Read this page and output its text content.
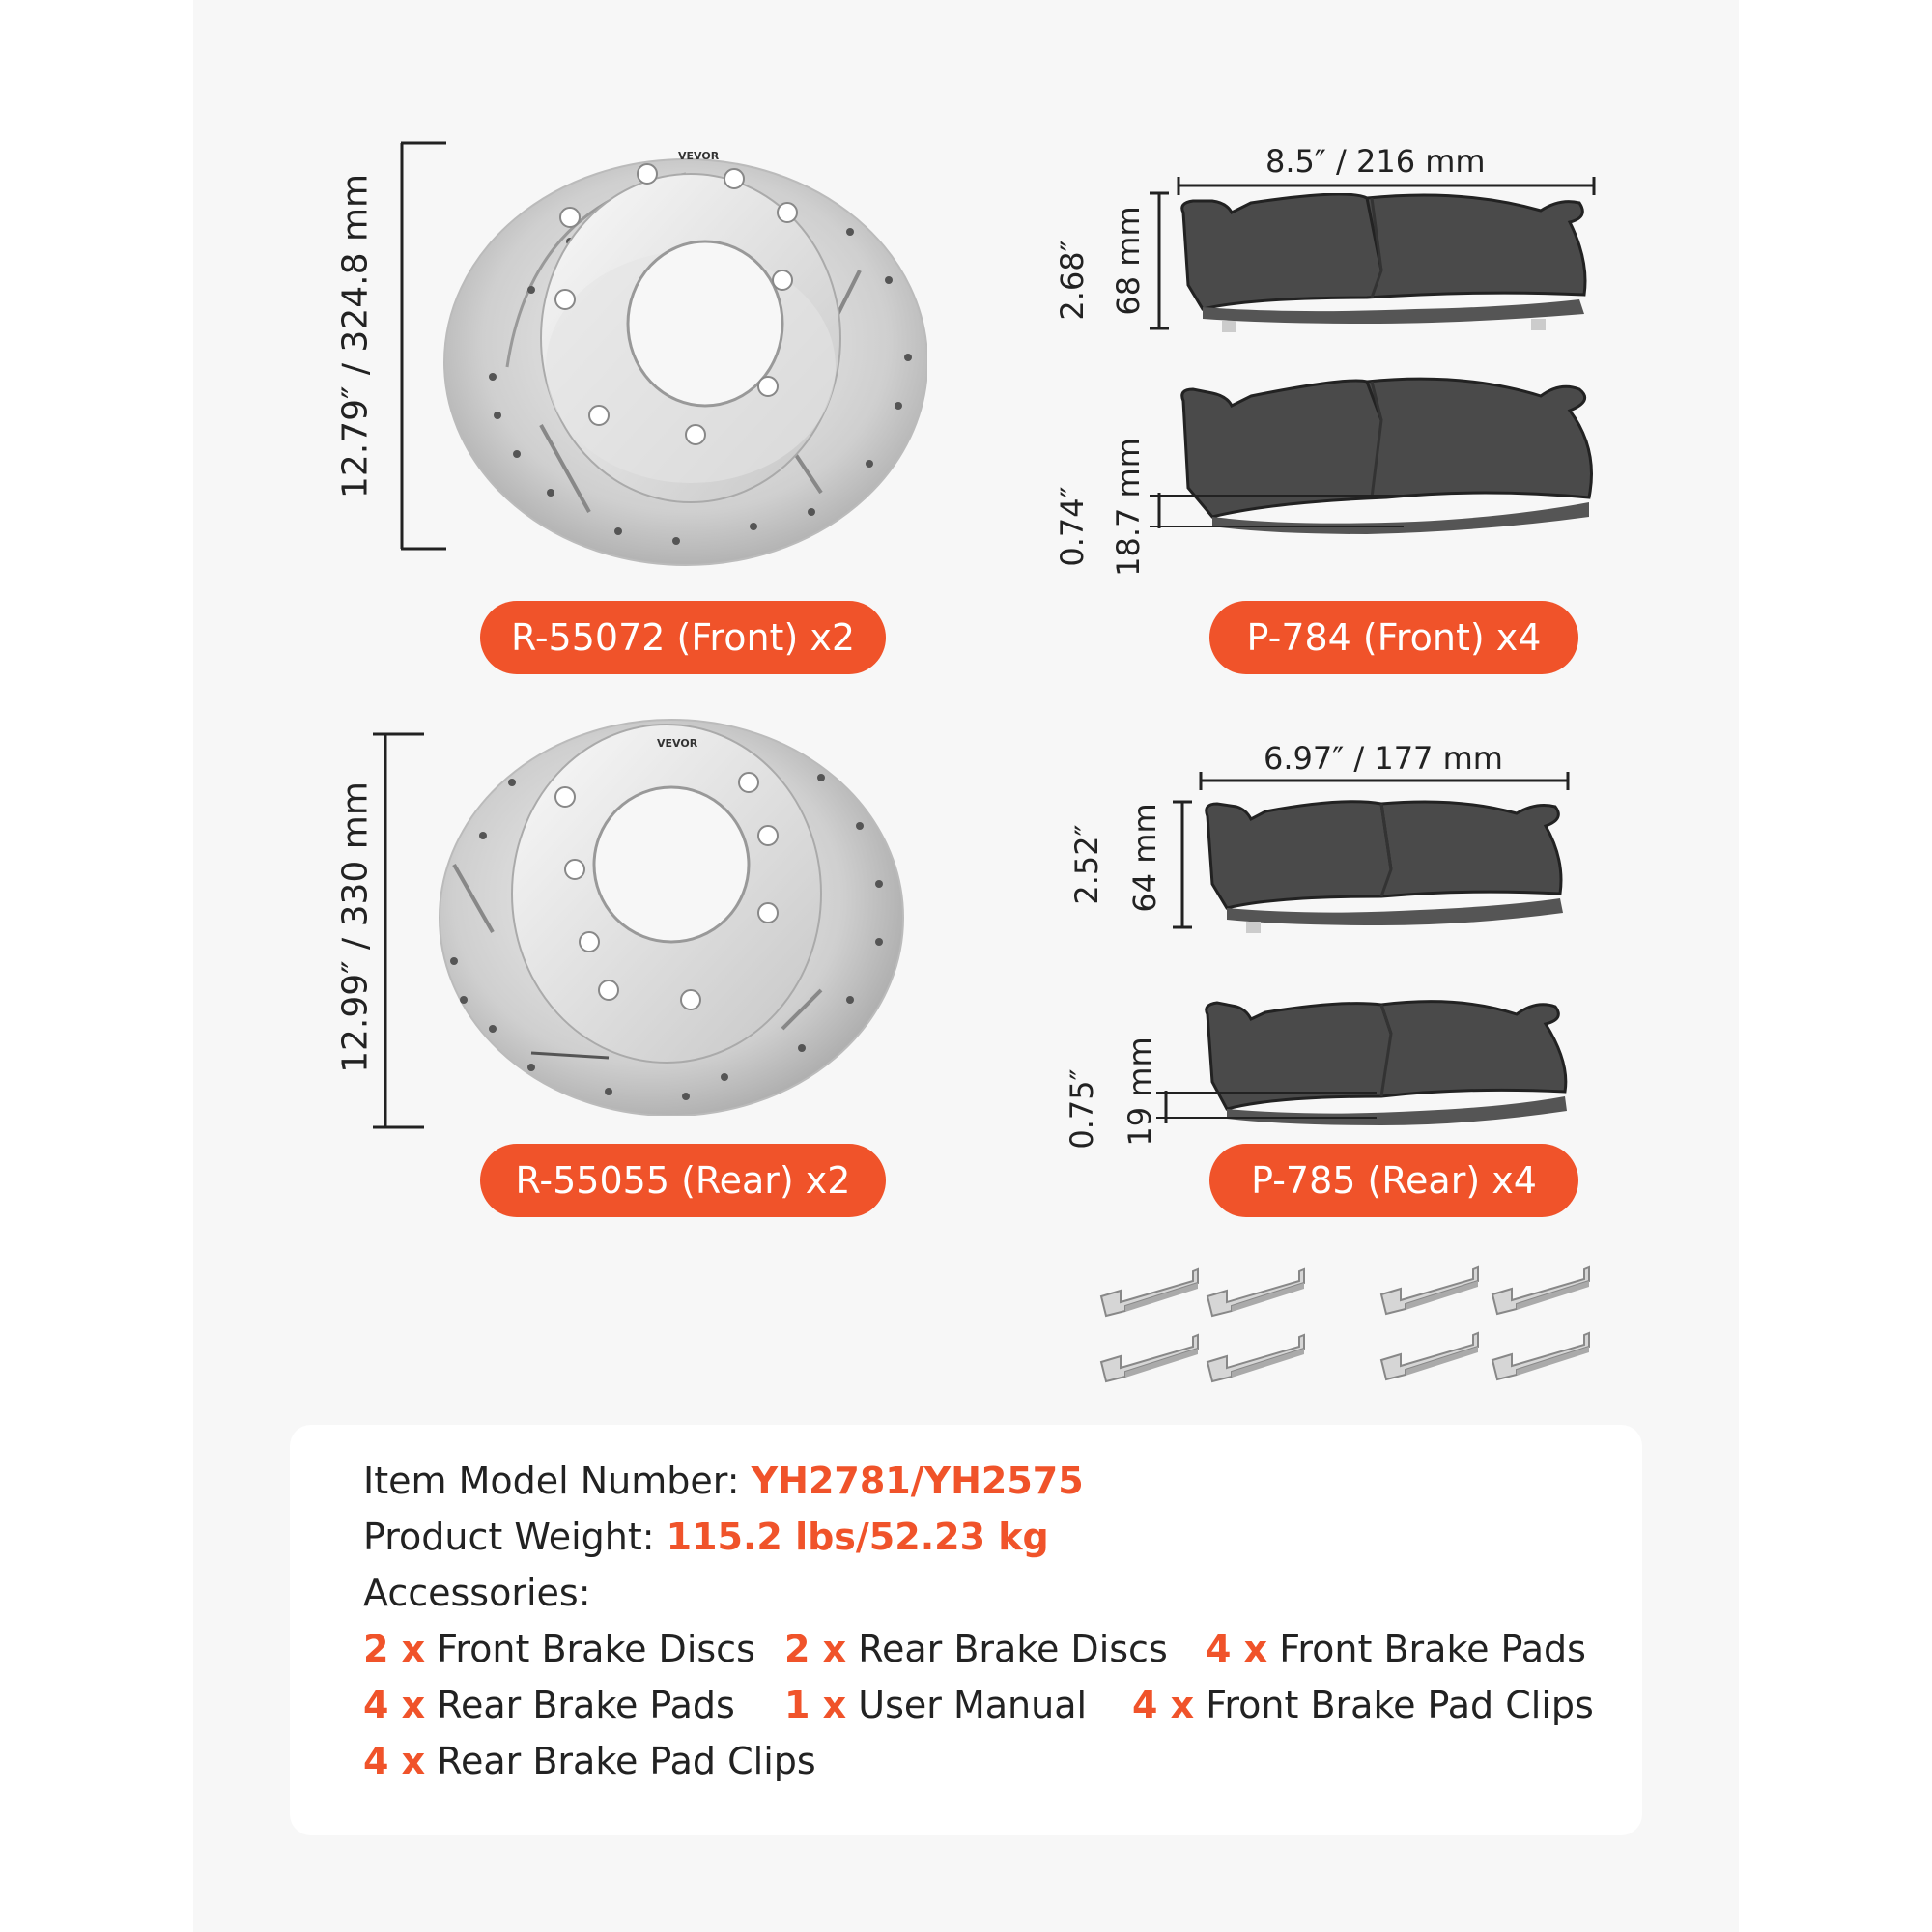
12.79″ / 324.8 mm
VEVOR
R-55072 (Front) x2
8.5″ / 216 mm
2.68″ 68 mm
0.74″ 18.7 mm
P-784 (Front) x4
12.99″ / 330 mm
VEVOR
R-55055 (Rear) x2
6.97″ / 177 mm
2.52″ 64 mm
0.75″ 19 mm
P-785 (Rear) x4
Item Model Number: YH2781/YH2575
Product Weight: 115.2 lbs/52.23 kg
Accessories:
2 x Front Brake Discs 2 x Rear Brake Discs 4 x Front Brake Pads
4 x Rear Brake Pads 1 x User Manual 4 x Front Brake Pad Clips
4 x Rear Brake Pad Clips
